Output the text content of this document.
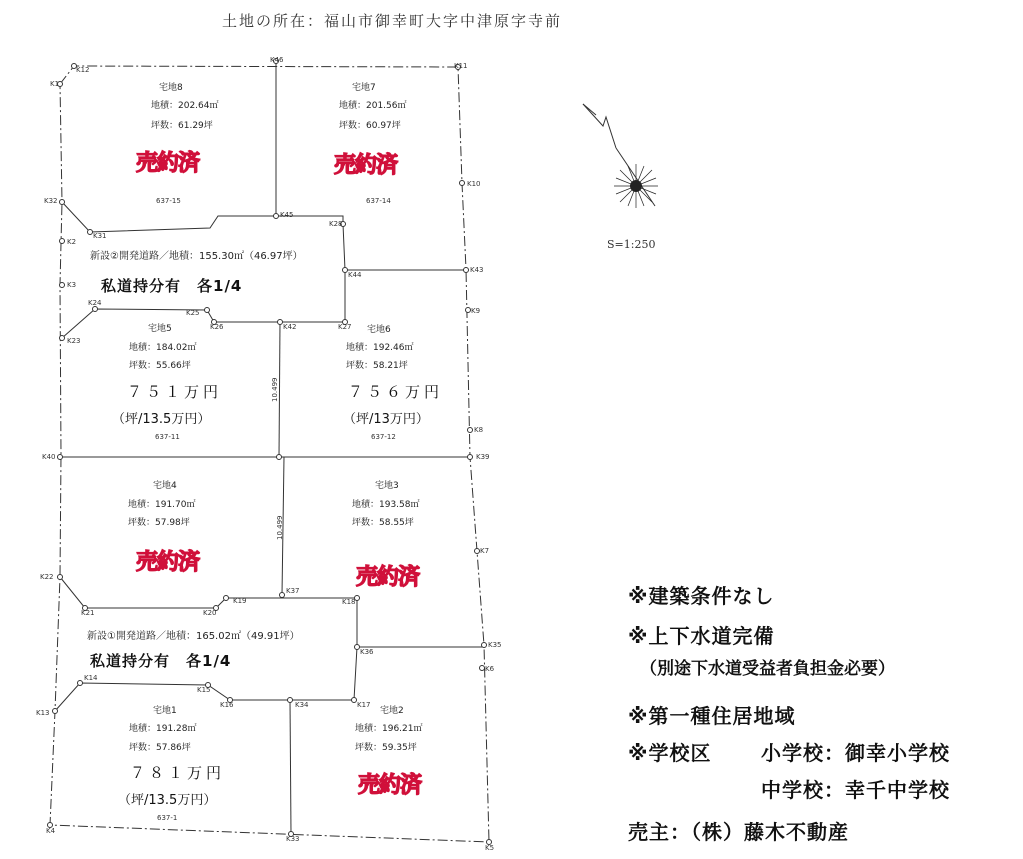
土地の所在：福山市御幸町大字中津原字寺前
S=1:250
K1
K12
K46
K11
K10
K32
K31
K45
K28
K2
K44
K43
K3
K24
K25
K26	K42	K27
K9
K23
K8
K40	K39
K7
K22
K21	K20
K19
K37
K18
K35
K36
K6
K14
K15
K16	K34	K17
K13
K4
K33
K5
宅地8
地積：202.64㎡
坪数：61.29坪
売約済
637-15
宅地7
地積：201.56㎡
坪数：60.97坪
売約済
637-14
新設②開発道路／地積：155.30㎡（46.97坪）
私道持分有　各1/4
宅地5
地積：184.02㎡
坪数：55.66坪
７５１万円
（坪/13.5万円）
637-11
宅地6
地積：192.46㎡
坪数：58.21坪
７５６万円
（坪/13万円）
637-12
10.499
10.499
宅地4
地積：191.70㎡
坪数：57.98坪
売約済
宅地3
地積：193.58㎡
坪数：58.55坪
売約済
新設①開発道路／地積：165.02㎡（49.91坪）
私道持分有　各1/4
宅地1
地積：191.28㎡
坪数：57.86坪
７８１万円
（坪/13.5万円）
637-1
宅地2
地積：196.21㎡
坪数：59.35坪
売約済
※建築条件なし
※上下水道完備
（別途下水道受益者負担金必要）
※第一種住居地域
※学校区 小学校：御幸小学校
中学校：幸千中学校
売主：（株）藤木不動産
